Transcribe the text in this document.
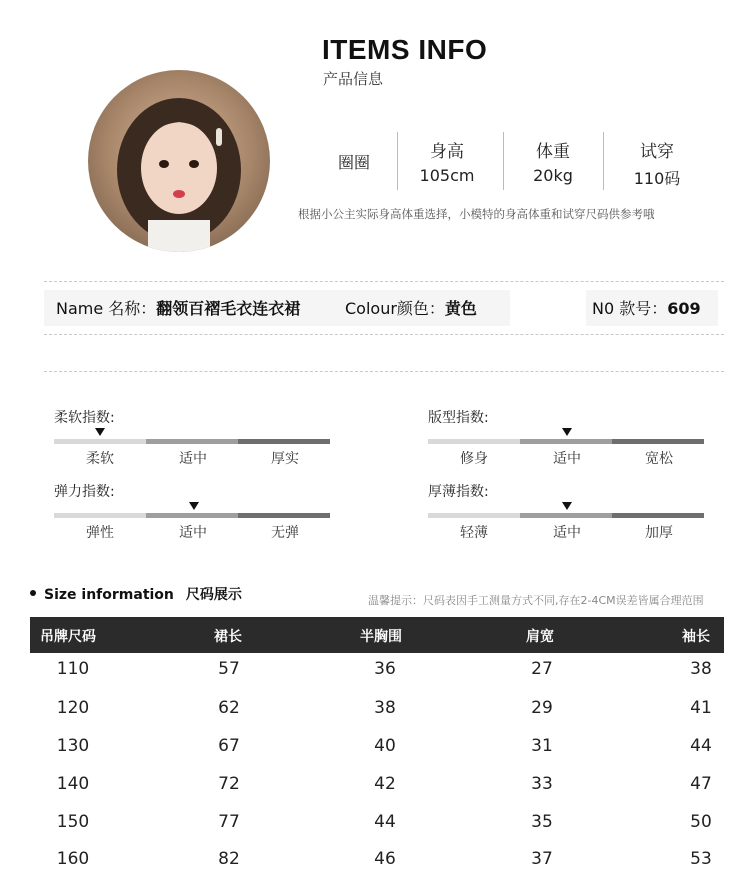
ITEMS INFO
产品信息
圈圈
身高
105cm
体重
20kg
试穿
110码
根据小公主实际身高体重选择，小模特的身高体重和试穿尺码供参考哦
Name 名称：翻领百褶毛衣连衣裙	Colour颜色：黄色	N0 款号：609
柔软指数:
柔软	适中	厚实
版型指数:
修身	适中	宽松
弹力指数:
弹性	适中	无弹
厚薄指数:
轻薄	适中	加厚
Size information 尺码展示	温馨提示：尺码表因手工测量方式不同,存在2-4CM误差皆属合理范围
吊牌尺码	裙长	半胸围	肩宽	袖长
110	57	36	27	38
120	62	38	29	41
130	67	40	31	44
140	72	42	33	47
150	77	44	35	50
160	82	46	37	53
